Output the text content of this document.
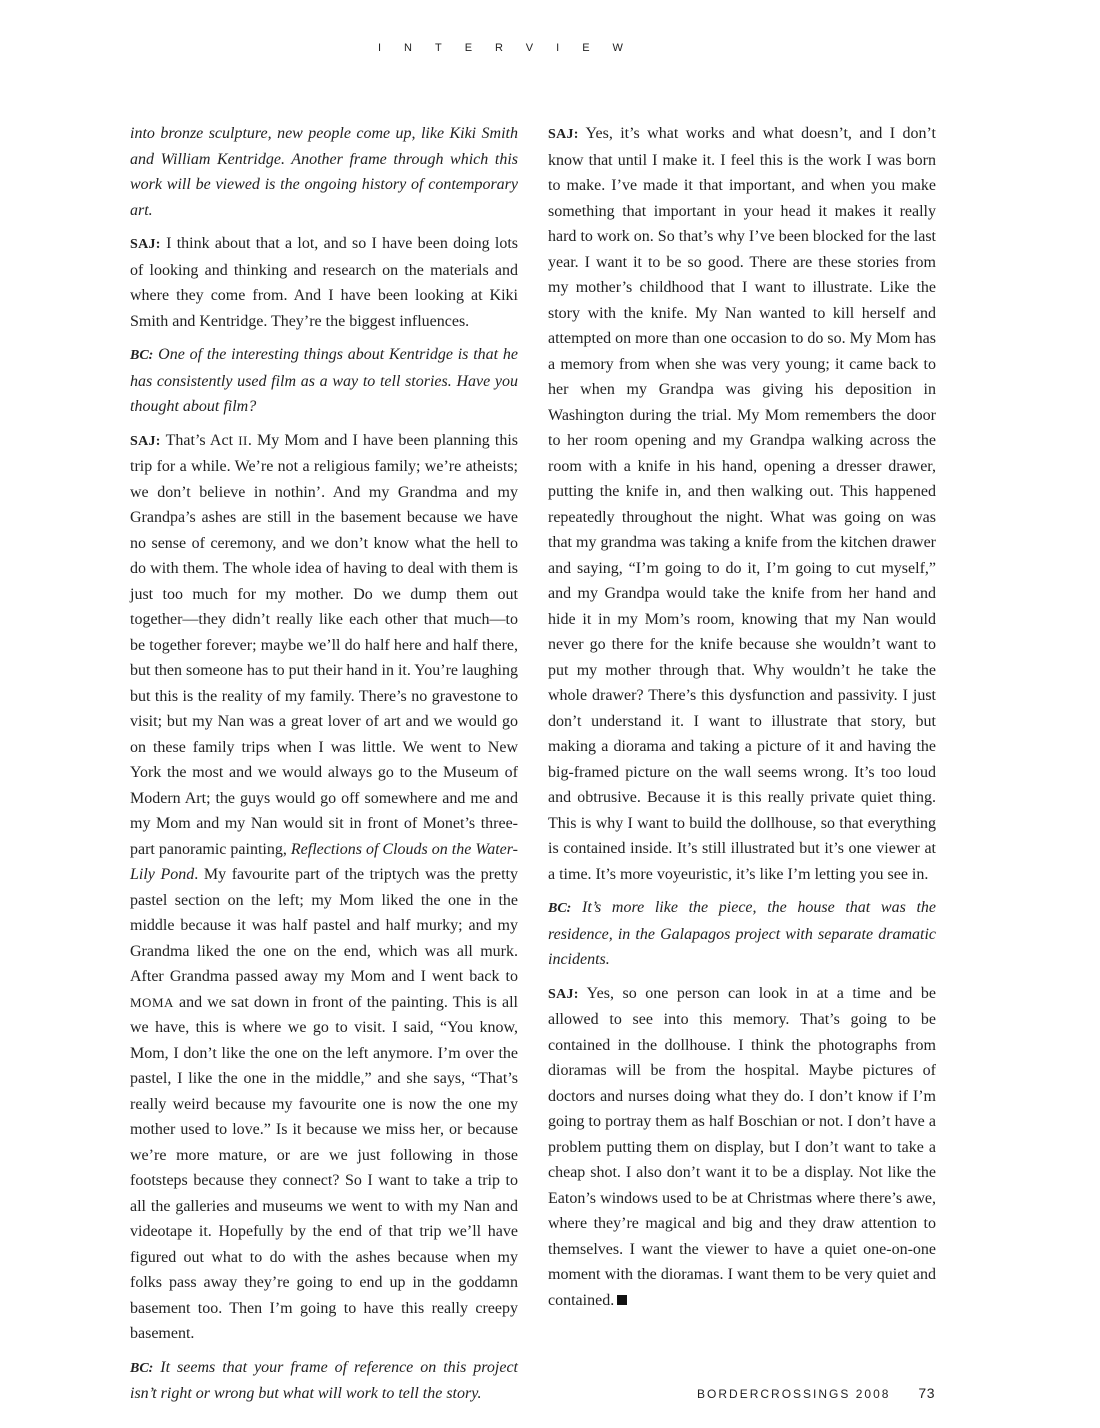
INTERVIEW

into bronze sculpture, new people come up, like Kiki Smith and William Kentridge. Another frame through which this work will be viewed is the ongoing history of contemporary art.

SAJ: I think about that a lot, and so I have been doing lots of looking and thinking and research on the materials and where they come from. And I have been looking at Kiki Smith and Kentridge. They’re the biggest influences.

BC: One of the interesting things about Kentridge is that he has consistently used film as a way to tell stories. Have you thought about film?

SAJ: That’s Act II. My Mom and I have been planning this trip for a while. We’re not a religious family; we’re atheists; we don’t believe in nothin’. And my Grandma and my Grandpa’s ashes are still in the basement because we have no sense of ceremony, and we don’t know what the hell to do with them. The whole idea of having to deal with them is just too much for my mother. Do we dump them out together—they didn’t really like each other that much—to be together forever; maybe we’ll do half here and half there, but then someone has to put their hand in it. You’re laughing but this is the reality of my family. There’s no gravestone to visit; but my Nan was a great lover of art and we would go on these family trips when I was little. We went to New York the most and we would always go to the Museum of Modern Art; the guys would go off somewhere and me and my Mom and my Nan would sit in front of Monet’s three-part panoramic painting, Reflections of Clouds on the Water-Lily Pond. My favourite part of the triptych was the pretty pastel section on the left; my Mom liked the one in the middle because it was half pastel and half murky; and my Grandma liked the one on the end, which was all murk. After Grandma passed away my Mom and I went back to MOMA and we sat down in front of the painting. This is all we have, this is where we go to visit. I said, “You know, Mom, I don’t like the one on the left anymore. I’m over the pastel, I like the one in the middle,” and she says, “That’s really weird because my favourite one is now the one my mother used to love.” Is it because we miss her, or because we’re more mature, or are we just following in those footsteps because they connect? So I want to take a trip to all the galleries and museums we went to with my Nan and videotape it. Hopefully by the end of that trip we’ll have figured out what to do with the ashes because when my folks pass away they’re going to end up in the goddamn basement too. Then I’m going to have this really creepy basement.

BC: It seems that your frame of reference on this project isn’t right or wrong but what will work to tell the story.

SAJ: Yes, it’s what works and what doesn’t, and I don’t know that until I make it. I feel this is the work I was born to make. I’ve made it that important, and when you make something that important in your head it makes it really hard to work on. So that’s why I’ve been blocked for the last year. I want it to be so good. There are these stories from my mother’s childhood that I want to illustrate. Like the story with the knife. My Nan wanted to kill herself and attempted on more than one occasion to do so. My Mom has a memory from when she was very young; it came back to her when my Grandpa was giving his deposition in Washington during the trial. My Mom remembers the door to her room opening and my Grandpa walking across the room with a knife in his hand, opening a dresser drawer, putting the knife in, and then walking out. This happened repeatedly throughout the night. What was going on was that my grandma was taking a knife from the kitchen drawer and saying, “I’m going to do it, I’m going to cut myself,” and my Grandpa would take the knife from her hand and hide it in my Mom’s room, knowing that my Nan would never go there for the knife because she wouldn’t want to put my mother through that. Why wouldn’t he take the whole drawer? There’s this dysfunction and passivity. I just don’t understand it. I want to illustrate that story, but making a diorama and taking a picture of it and having the big-framed picture on the wall seems wrong. It’s too loud and obtrusive. Because it is this really private quiet thing. This is why I want to build the dollhouse, so that everything is contained inside. It’s still illustrated but it’s one viewer at a time. It’s more voyeuristic, it’s like I’m letting you see in.

BC: It’s more like the piece, the house that was the residence, in the Galapagos project with separate dramatic incidents.

SAJ: Yes, so one person can look in at a time and be allowed to see into this memory. That’s going to be contained in the dollhouse. I think the photographs from dioramas will be from the hospital. Maybe pictures of doctors and nurses doing what they do. I don’t know if I’m going to portray them as half Boschian or not. I don’t have a problem putting them on display, but I don’t want to take a cheap shot. I also don’t want it to be a display. Not like the Eaton’s windows used to be at Christmas where there’s awe, where they’re magical and big and they draw attention to themselves. I want the viewer to have a quiet one-on-one moment with the dioramas. I want them to be very quiet and contained.

BORDERCROSSINGS 2008 73
